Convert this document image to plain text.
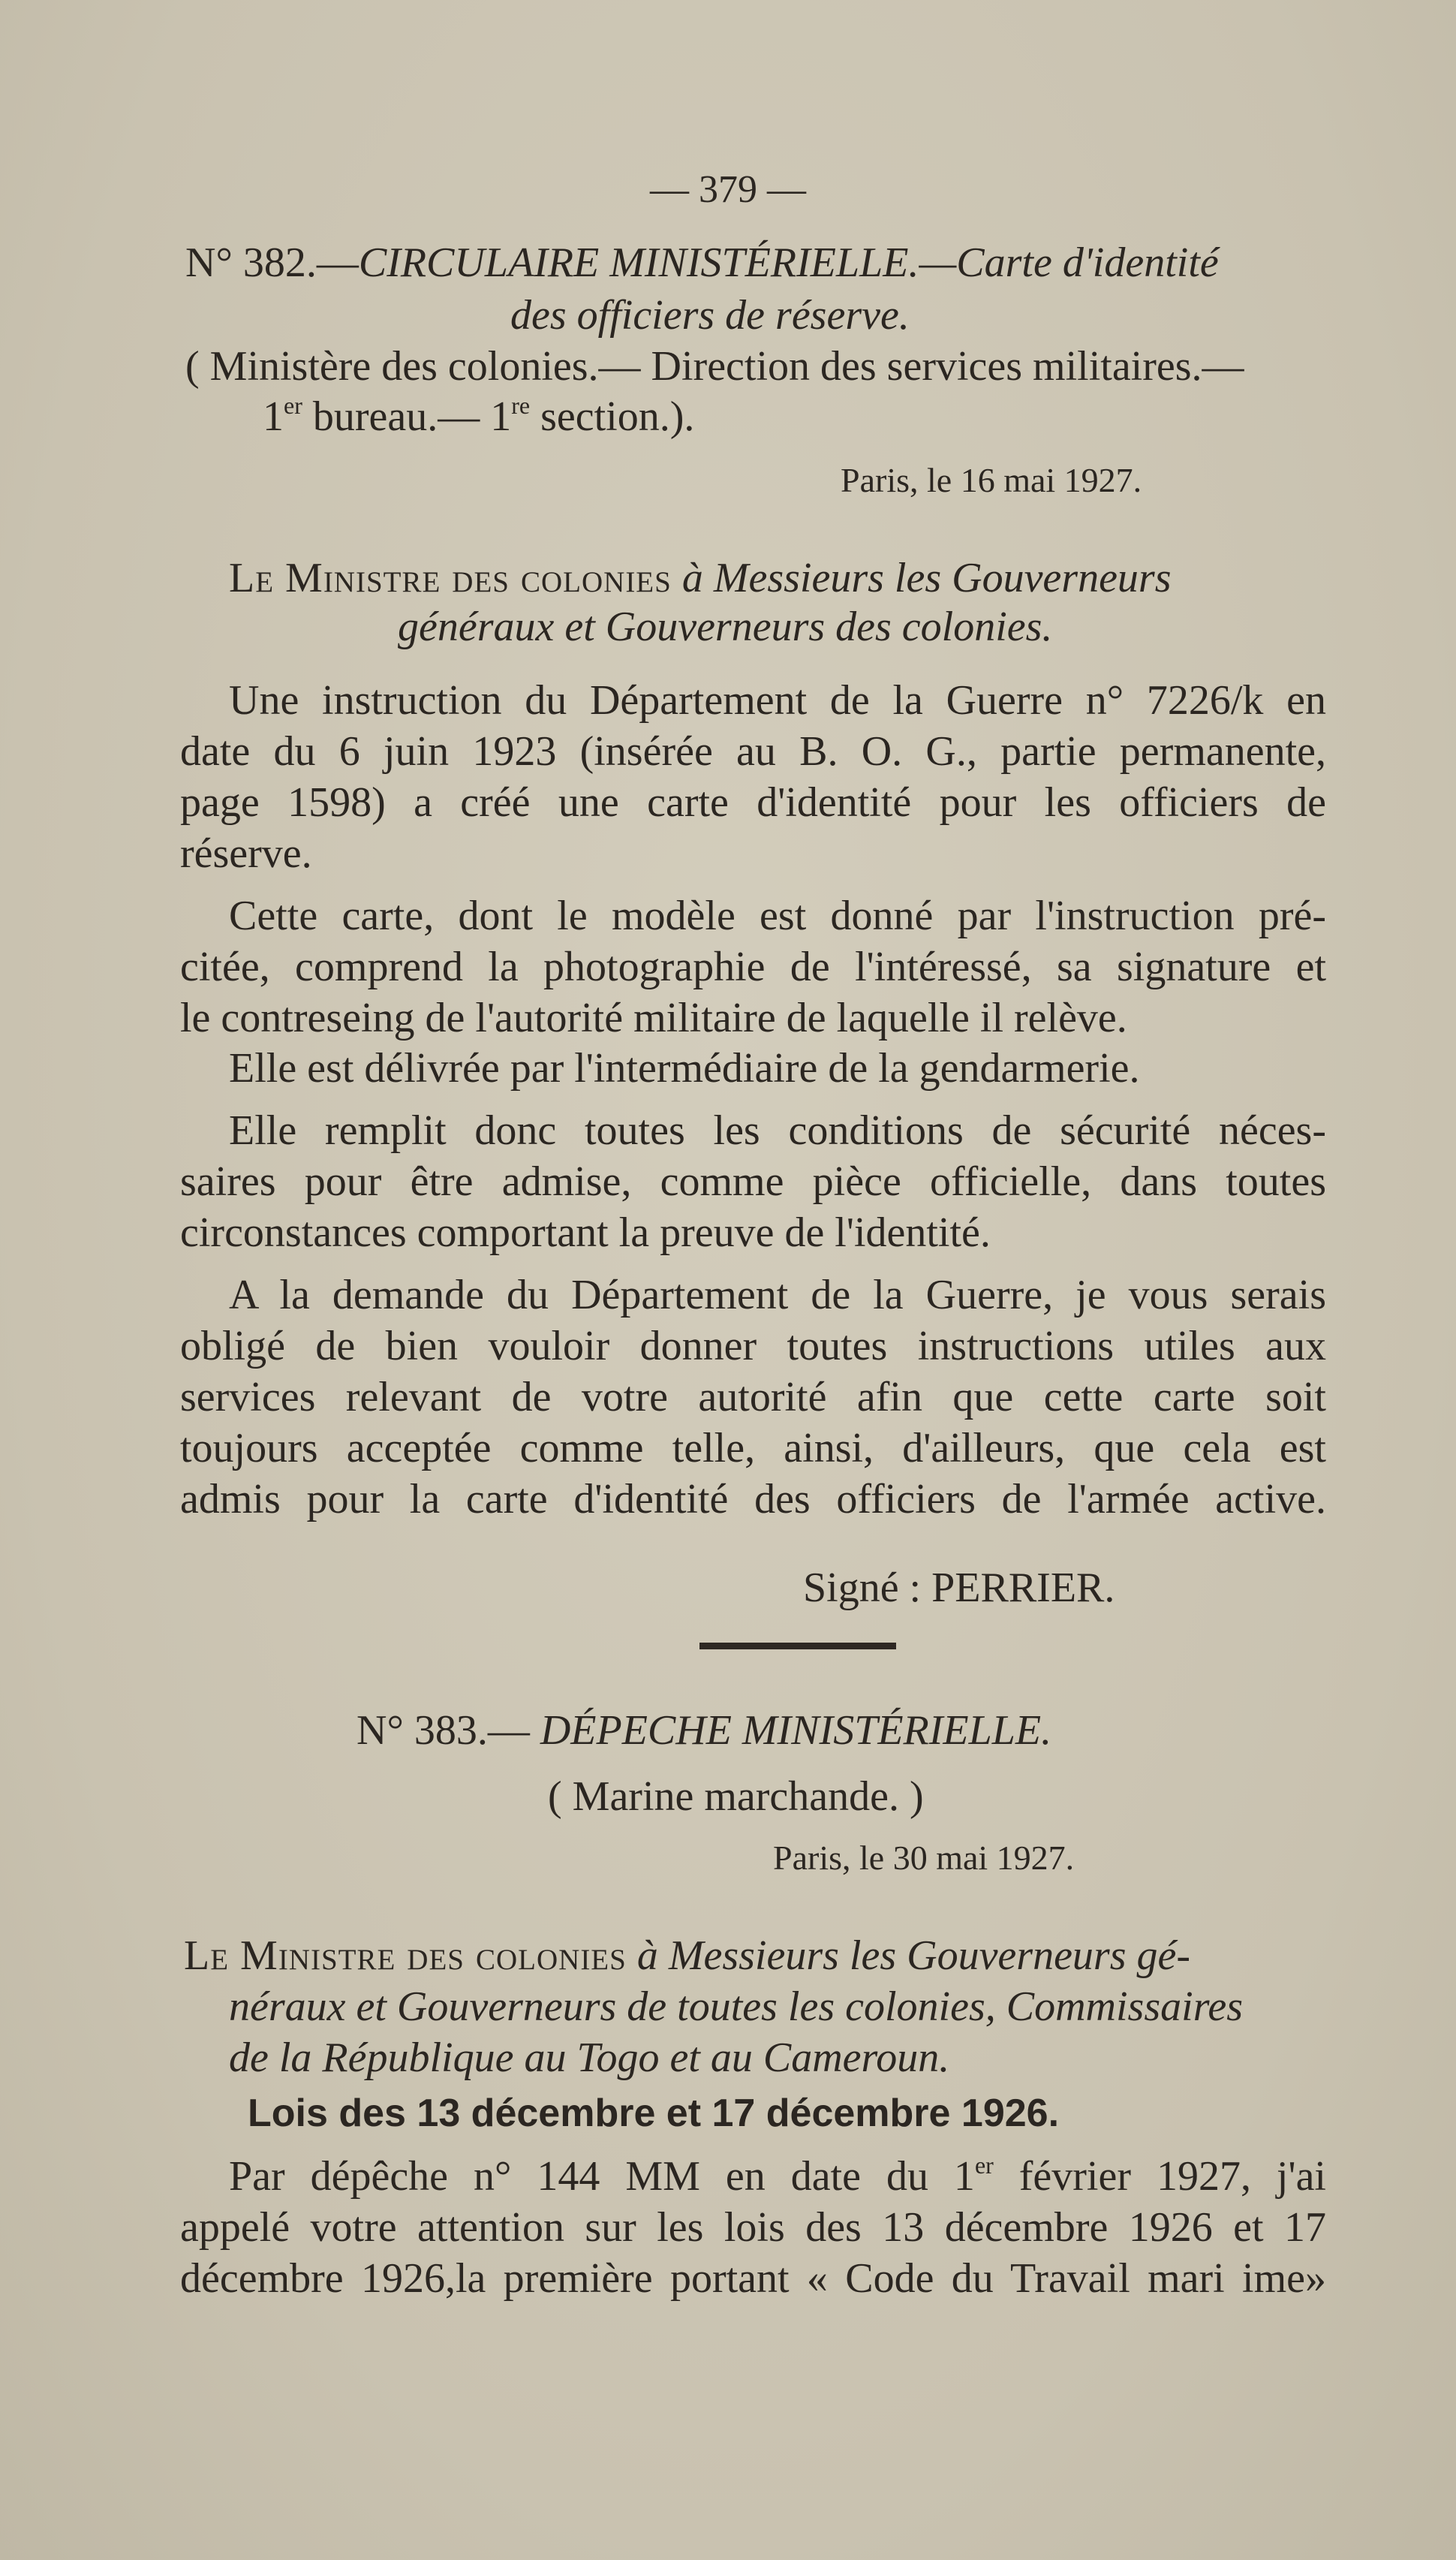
— 379 —
N° 382.—CIRCULAIRE MINISTÉRIELLE.—Carte d'identité
des officiers de réserve.
( Ministère des colonies.— Direction des services militaires.—
1er bureau.— 1re section.).
Paris, le 16 mai 1927.
Le Ministre des colonies à Messieurs les Gouverneurs
généraux et Gouverneurs des colonies.
Une instruction du Département de la Guerre n° 7226/k en
date du 6 juin 1923 (insérée au B. O. G., partie permanente,
page 1598) a créé une carte d'identité pour les officiers de
réserve.
Cette carte, dont le modèle est donné par l'instruction pré-
citée, comprend la photographie de l'intéressé, sa signature et
le contreseing de l'autorité militaire de laquelle il relève.
Elle est délivrée par l'intermédiaire de la gendarmerie.
Elle remplit donc toutes les conditions de sécurité néces-
saires pour être admise, comme pièce officielle, dans toutes
circonstances comportant la preuve de l'identité.
A la demande du Département de la Guerre, je vous serais
obligé de bien vouloir donner toutes instructions utiles aux
services relevant de votre autorité afin que cette carte soit
toujours acceptée comme telle, ainsi, d'ailleurs, que cela est
admis pour la carte d'identité des officiers de l'armée active.
Signé : PERRIER.
N° 383.— DÉPECHE MINISTÉRIELLE.
( Marine marchande. )
Paris, le 30 mai 1927.
Le Ministre des colonies à Messieurs les Gouverneurs gé-
néraux et Gouverneurs de toutes les colonies, Commissaires
de la République au Togo et au Cameroun.
Lois des 13 décembre et 17 décembre 1926.
Par dépêche n° 144 MM en date du 1er février 1927, j'ai
appelé votre attention sur les lois des 13 décembre 1926 et 17
décembre 1926,la première portant « Code du Travail mari ime»
